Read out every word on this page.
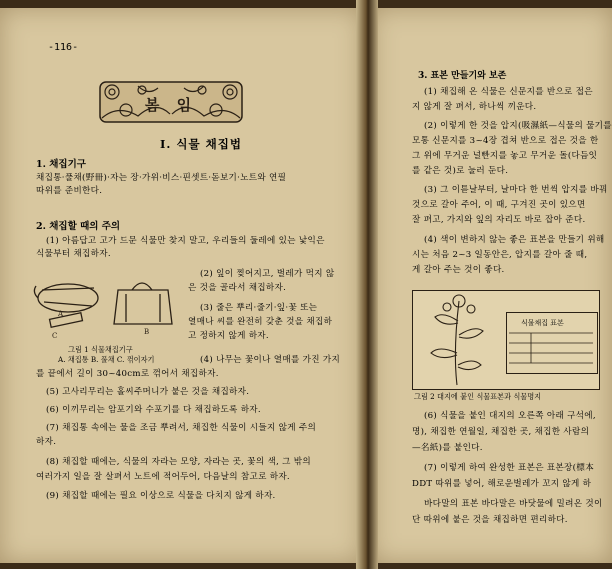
-116-
봄 임
I. 식물 채집법
1. 채집기구
채집통·풀채(野冊)·자는 장·가위·비스·핀셋트·돋보기·노트와 연필
따위를 준비한다.
2. 채집할 때의 주의
(1) 아름답고 고가 드문 식물만 찾지 말고, 우리들의 둘레에 있는 낯익은
식물부터 채집하자.
A
B
C
그림 1 식물채집기구
A. 채집통 B. 풀채 C. 꺾이자기
(2) 잎이 찢어지고, 벌레가 먹지 않
은 것을 골라서 채집하자.
(3) 줄은 뿌리·줄기·잎·꽃 또는
열매나 씨를 완전히 갖춘 것을 채집하
고 정하지 않게 하자.
(4) 나무는 꽃이나 열매를 가진 가지
를 끝에서 길이 30~40cm로 꺾어서 채집하자.
(5) 고사리무리는 홀씨주머니가 붙은 것을 채집하자.
(6) 이끼무리는 암포기와 수포기를 다 채집하도록 하자.
(7) 채집통 속에는 물을 조금 뿌려서, 채집한 식물이 시들지 않게 주의
하자.
(8) 채집할 때에는, 식물의 자라는 모양, 자라는 곳, 꽃의 색, 그 밖의
여러가지 일을 잘 살펴서 노트에 적어두어, 다음날의 참고로 하자.
(9) 채집할 때에는 필요 이상으로 식물을 다치지 않게 하자.
3. 표본 만들기와 보존
(1) 채집해 온 식물은 신문지를 반으로 접은
지 않게 잘 펴서, 하나씩 끼운다.
(2) 이렇게 한 것을 압지(吸濕紙—식물의 물기를
모통 신문지를 3~4장 겹쳐 반으로 접은 것을 한
그 위에 무거운 널빤지를 놓고 무거운 돌(다듬잇
를 같은 것)로 눌러 둔다.
(3) 그 이튿날부터, 날마다 한 번씩 압지를 바꿔
것으로 갈아 주어, 이 때, 구겨진 곳이 있으면
잘 펴고, 가지와 잎의 자리도 바로 잡아 준다.
(4) 색이 변하지 않는 좋은 표본을 만들기 위해
시는 처음 2~3 일동안은, 압지를 갈아 줄 때,
게 갈아 주는 것이 좋다.
식물채집 표본
그림 2 대지에 붙인 식물표본과 식물명지
(6) 식물을 붙인 대지의 오른쪽 아래 구석에,
명), 채집한 연월일, 채집한 곳, 채집한 사람의
—名紙)를 붙인다.
(7) 이렇게 하여 완성한 표본은 표본장(標本
DDT 따위를 넣어, 해로운벌레가 꼬지 않게 하
바다말의 표본 바다말은 바닷물에 밀려온 것이
단 따위에 붙은 것을 채집하면 편리하다.
